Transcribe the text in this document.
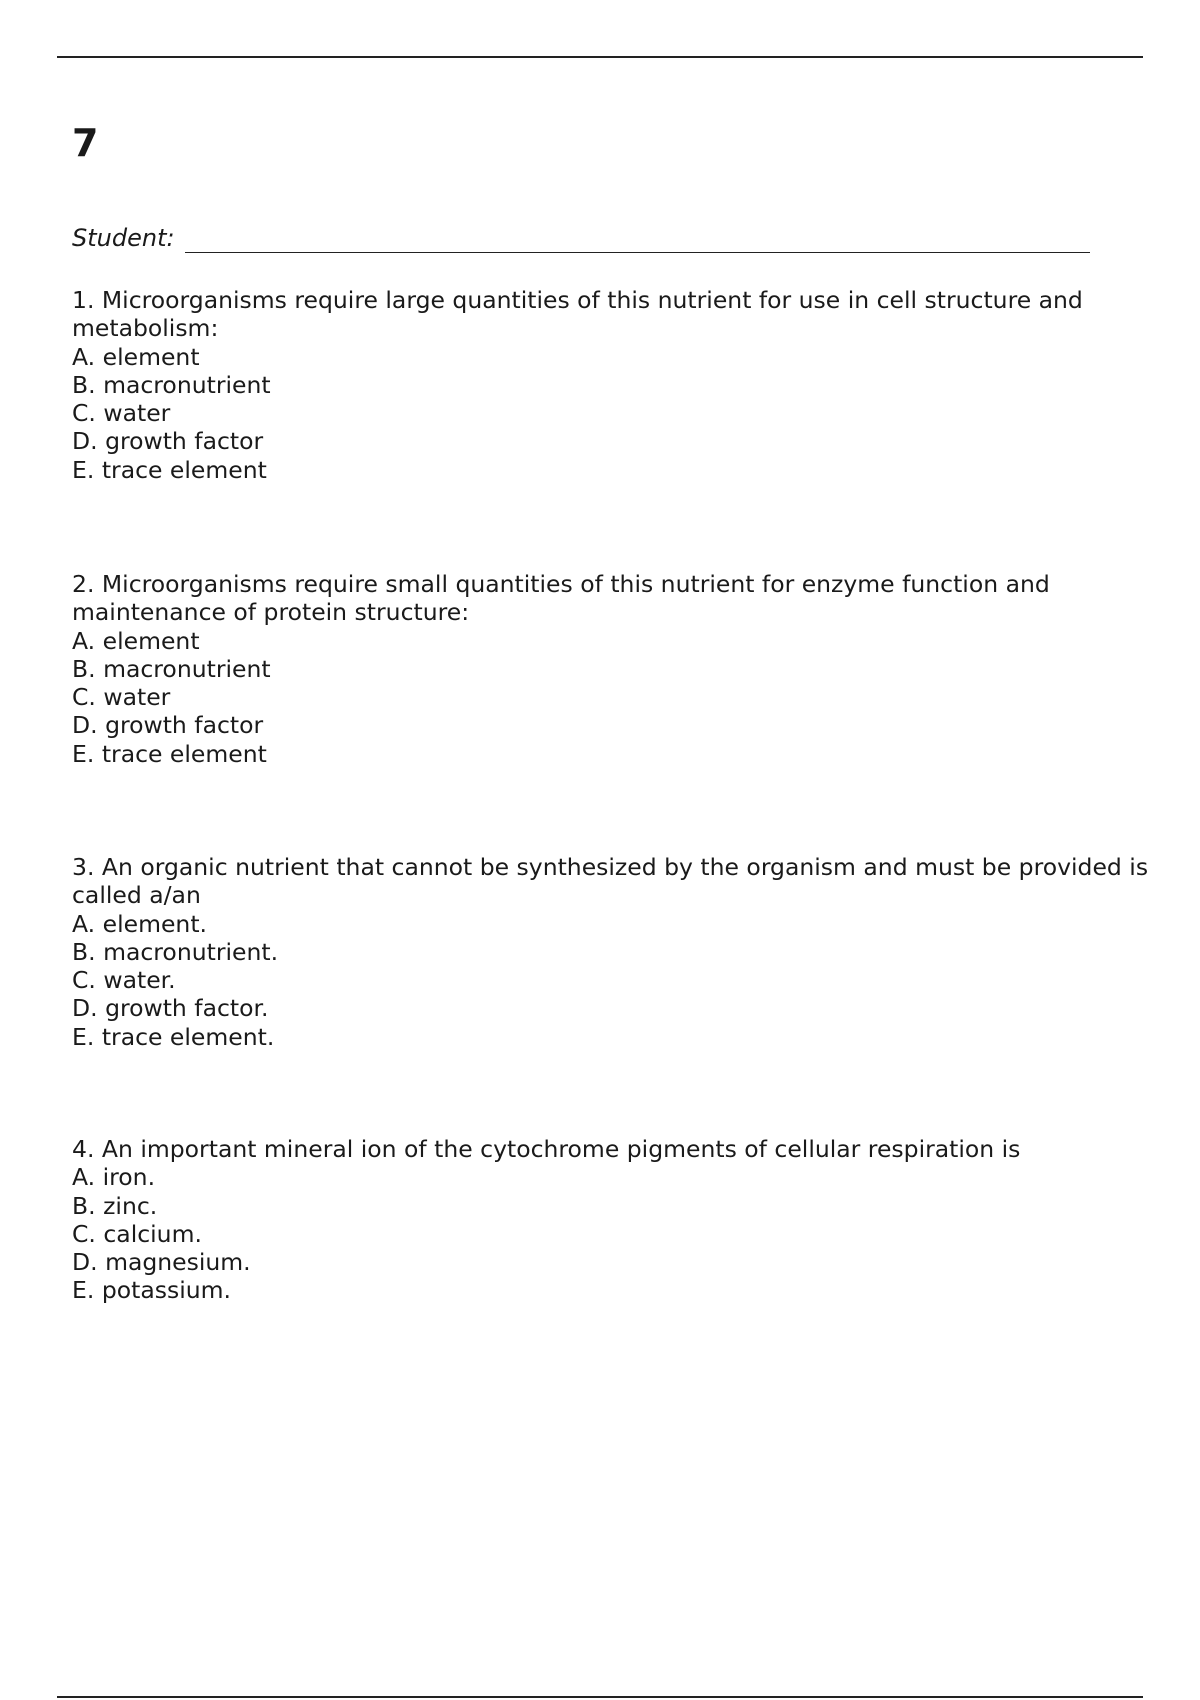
7
Student:

1. Microorganisms require large quantities of this nutrient for use in cell structure and metabolism:

A. element
B. macronutrient
C. water
D. growth factor
E. trace element

2. Microorganisms require small quantities of this nutrient for enzyme function and maintenance of protein structure:

A. element
B. macronutrient
C. water
D. growth factor
E. trace element

3. An organic nutrient that cannot be synthesized by the organism and must be provided is called a/an

A. element.
B. macronutrient.
C. water.
D. growth factor.
E. trace element.

4. An important mineral ion of the cytochrome pigments of cellular respiration is

A. iron.
B. zinc.
C. calcium.
D. magnesium.
E. potassium.
